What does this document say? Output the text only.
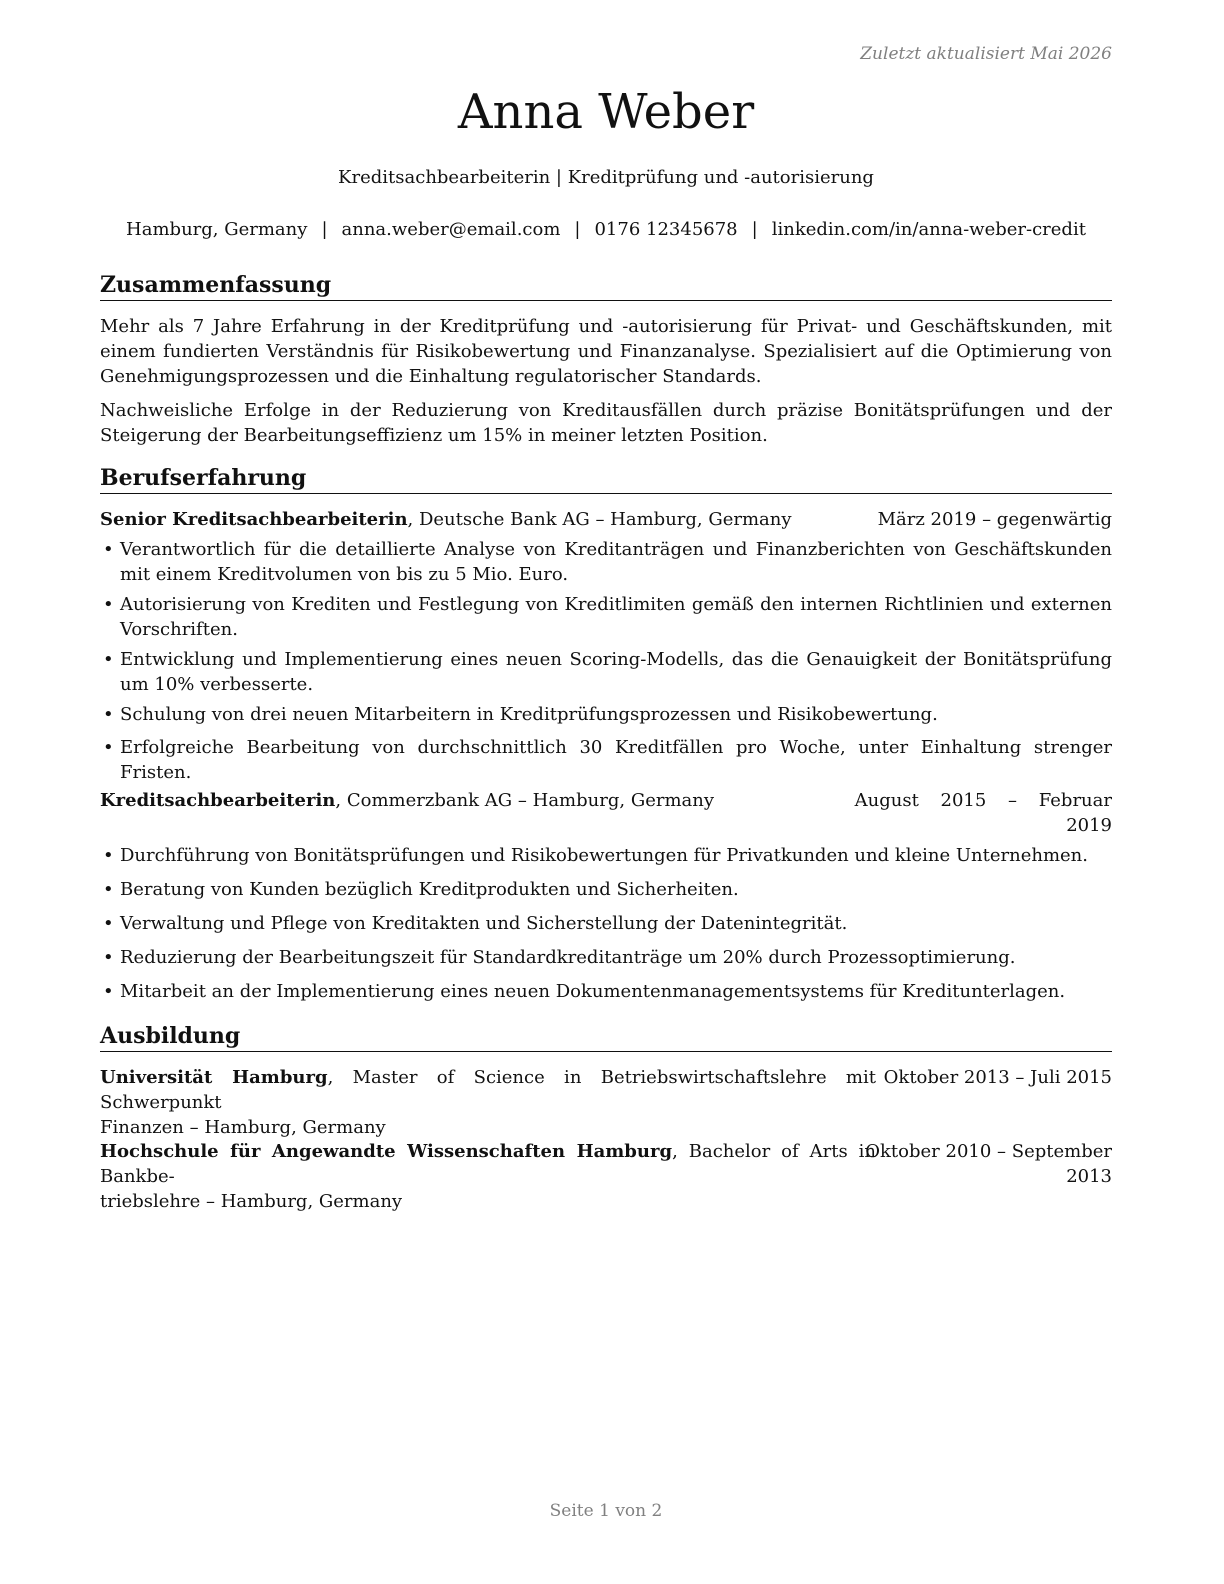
Zuletzt aktualisiert Mai 2026
Anna Weber
Kreditsachbearbeiterin | Kreditprüfung und -autorisierung
Hamburg, Germany | anna.weber@email.com | 0176 12345678 | linkedin.com/in/anna-weber-credit
Zusammenfassung

Mehr als 7 Jahre Erfahrung in der Kreditprüfung und -autorisierung für Privat- und Geschäftskunden, mit einem fundierten Verständnis für Risikobewertung und Finanzanalyse. Spezialisiert auf die Optimierung von Genehmigungsprozessen und die Einhaltung regulatorischer Standards.

Nachweisliche Erfolge in der Reduzierung von Kreditausfällen durch präzise Bonitätsprüfungen und der Steigerung der Bearbeitungseffizienz um 15% in meiner letzten Position.

Berufserfahrung
Senior Kreditsachbearbeiterin, Deutsche Bank AG – Hamburg, Germany	März 2019 – gegenwärtig
• Verantwortlich für die detaillierte Analyse von Kreditanträgen und Finanzberichten von Geschäftskunden mit einem Kreditvolumen von bis zu 5 Mio. Euro.
• Autorisierung von Krediten und Festlegung von Kreditlimiten gemäß den internen Richtlinien und externen Vorschriften.
• Entwicklung und Implementierung eines neuen Scoring-Modells, das die Genauigkeit der Bonitätsprüfung um 10% verbesserte.
• Schulung von drei neuen Mitarbeitern in Kreditprüfungsprozessen und Risikobewertung.
• Erfolgreiche Bearbeitung von durchschnittlich 30 Kreditfällen pro Woche, unter Einhaltung strenger Fristen.
Kreditsachbearbeiterin, Commerzbank AG – Hamburg, Germany	August 2015 – Februar
2019
• Durchführung von Bonitätsprüfungen und Risikobewertungen für Privatkunden und kleine Unternehmen.
• Beratung von Kunden bezüglich Kreditprodukten und Sicherheiten.
• Verwaltung und Pflege von Kreditakten und Sicherstellung der Datenintegrität.
• Reduzierung der Bearbeitungszeit für Standardkreditanträge um 20% durch Prozessoptimierung.
• Mitarbeit an der Implementierung eines neuen Dokumentenmanagementsystems für Kreditunterlagen.
Ausbildung
Universität Hamburg, Master of Science in Betriebswirtschaftslehre mit Schwerpunkt
Finanzen – Hamburg, Germany
Oktober 2013 – Juli 2015
Hochschule für Angewandte Wissenschaften Hamburg, Bachelor of Arts in Bankbe-
triebslehre – Hamburg, Germany
Oktober 2010 – September
2013
Seite 1 von 2
